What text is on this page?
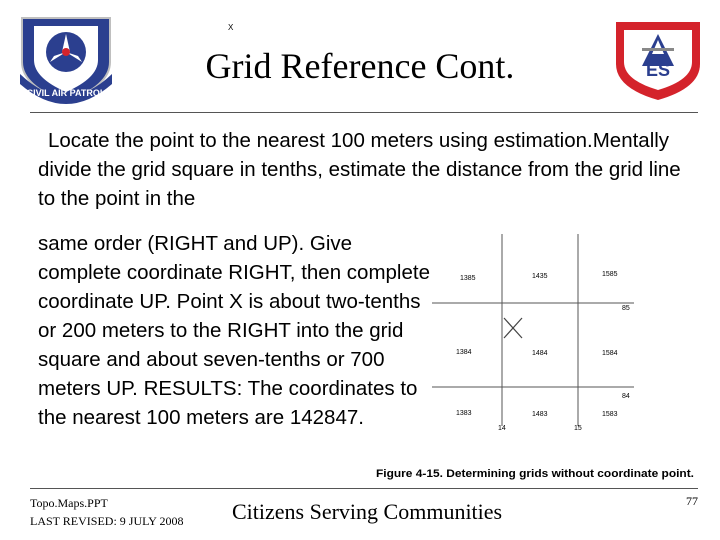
CIVIL AIR PATROL
ES
Grid Reference Cont.
Locate the point to the nearest 100 meters using estimation.Mentally divide the grid square in tenths, estimate the distance from the grid line to the point in the
same order (RIGHT and UP). Give complete coordinate RIGHT, then complete coordinate UP. Point X is about two-tenths or 200 meters to the RIGHT into the grid square and about seven-tenths or 700 meters UP. RESULTS: The coordinates to the nearest 100 meters are 142847.
X
1385	1435	1585
85
1384	1484	1584
84
1383	1483	1583
14	15
Figure 4-15. Determining grids without coordinate point.
Topo.Maps.PPT
LAST REVISED: 9 JULY 2008 Citizens Serving Communities	77
